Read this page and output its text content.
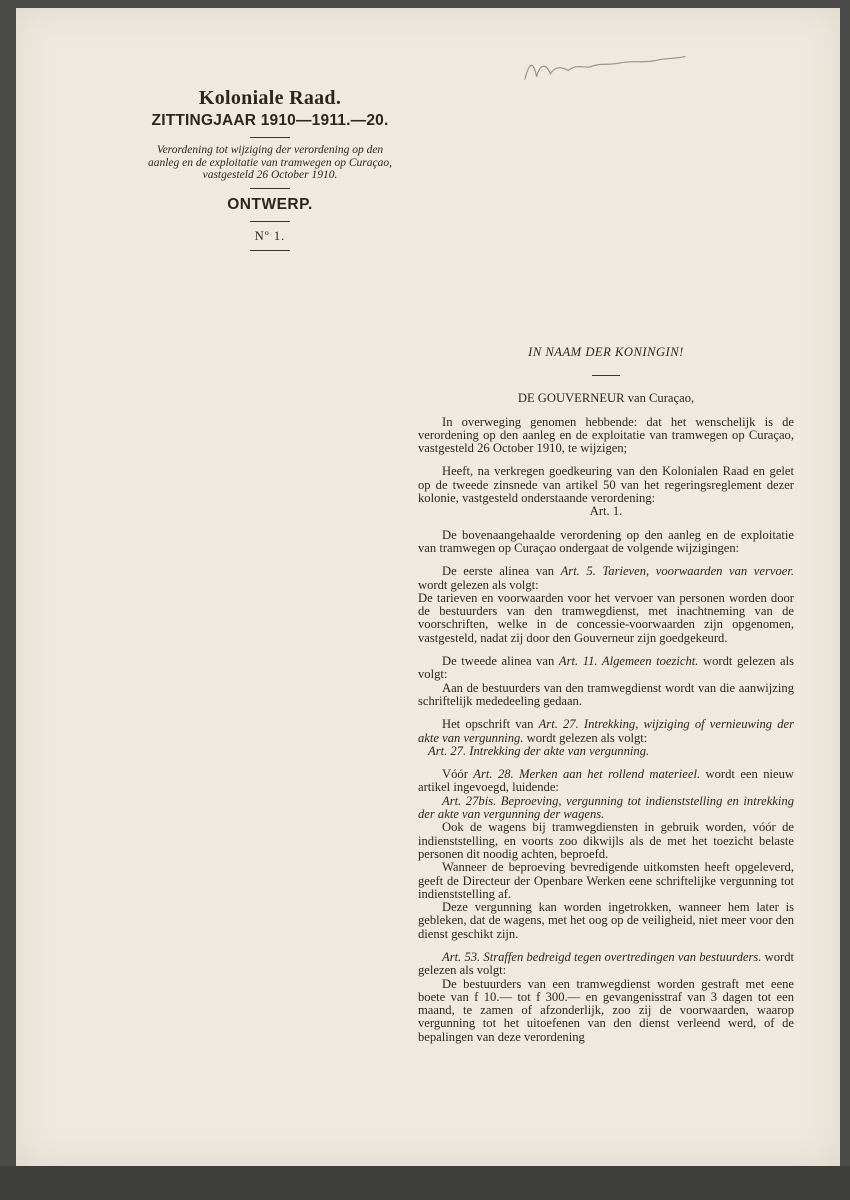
Koloniale Raad.

ZITTINGJAAR 1910—1911.—20.

Verordening tot wijziging der verordening op den aanleg en de exploitatie van tramwegen op Curaçao, vastgesteld 26 October 1910.

ONTWERP.

Nº 1.

IN NAAM DER KONINGIN!

DE GOUVERNEUR van Curaçao,

In overweging genomen hebbende: dat het wenschelijk is de verordening op den aanleg en de exploitatie van tramwegen op Curaçao, vastgesteld 26 October 1910, te wijzigen;

Heeft, na verkregen goedkeuring van den Kolonialen Raad en gelet op de tweede zinsnede van artikel 50 van het regeringsreglement dezer kolonie, vastgesteld onderstaande verordening:

Art. 1.

De bovenaangehaalde verordening op den aanleg en de exploitatie van tramwegen op Curaçao ondergaat de volgende wijzigingen:

De eerste alinea van Art. 5. Tarieven, voorwaarden van vervoer. wordt gelezen als volgt:

De tarieven en voorwaarden voor het vervoer van personen worden door de bestuurders van den tramwegdienst, met inachtneming van de voorschriften, welke in de concessie-voorwaarden zijn opgenomen, vastgesteld, nadat zij door den Gouverneur zijn goedgekeurd.

De tweede alinea van Art. 11. Algemeen toezicht. wordt gelezen als volgt:

Aan de bestuurders van den tramwegdienst wordt van die aanwijzing schriftelijk mededeeling gedaan.

Het opschrift van Art. 27. Intrekking, wijziging of vernieuwing der akte van vergunning. wordt gelezen als volgt:

Art. 27. Intrekking der akte van vergunning.

Vóór Art. 28. Merken aan het rollend materieel. wordt een nieuw artikel ingevoegd, luidende:

Art. 27bis. Beproeving, vergunning tot indienststelling en intrekking der akte van vergunning der wagens.

Ook de wagens bij tramwegdiensten in gebruik worden, vóór de indienststelling, en voorts zoo dikwijls als de met het toezicht belaste personen dit noodig achten, beproefd.

Wanneer de beproeving bevredigende uitkomsten heeft opgeleverd, geeft de Directeur der Openbare Werken eene schriftelijke vergunning tot indienststelling af.

Deze vergunning kan worden ingetrokken, wanneer hem later is gebleken, dat de wagens, met het oog op de veiligheid, niet meer voor den dienst geschikt zijn.

Art. 53. Straffen bedreigd tegen overtredingen van bestuurders. wordt gelezen als volgt:

De bestuurders van een tramwegdienst worden gestraft met eene boete van f 10.— tot f 300.— en gevangenisstraf van 3 dagen tot een maand, te zamen of afzonderlijk, zoo zij de voorwaarden, waarop vergunning tot het uitoefenen van den dienst verleend werd, of de bepalingen van deze verordening
